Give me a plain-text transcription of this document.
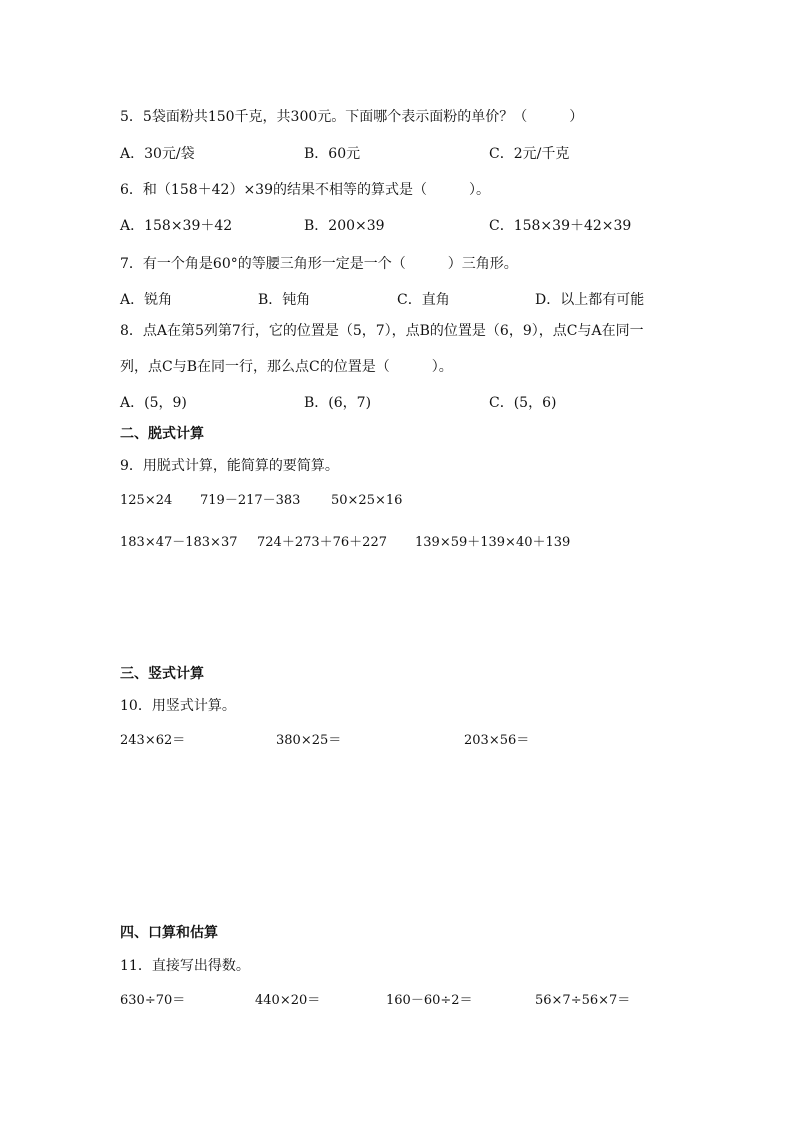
5．5袋面粉共150千克，共300元。下面哪个表示面粉的单价？（　　　）
A．30元/袋	B．60元	C．2元/千克
6．和（158＋42）×39的结果不相等的算式是（　　　）。
A．158×39＋42	B．200×39	C．158×39＋42×39
7．有一个角是60°的等腰三角形一定是一个（　　　）三角形。
A．锐角	B．钝角	C．直角	D．以上都有可能
8．点A在第5列第7行，它的位置是（5，7），点B的位置是（6，9），点C与A在同一
列，点C与B在同一行，那么点C的位置是（　　　）。
A．(5，9)	B．(6，7)	C．(5，6)
二、脱式计算
9．用脱式计算，能简算的要简算。
125×24 719－217－383 50×25×16
183×47－183×37 724＋273＋76＋227 139×59＋139×40＋139
三、竖式计算
10．用竖式计算。
243×62＝	380×25＝	203×56＝
四、口算和估算
11．直接写出得数。
630÷70＝	440×20＝	160－60÷2＝	56×7÷56×7＝
